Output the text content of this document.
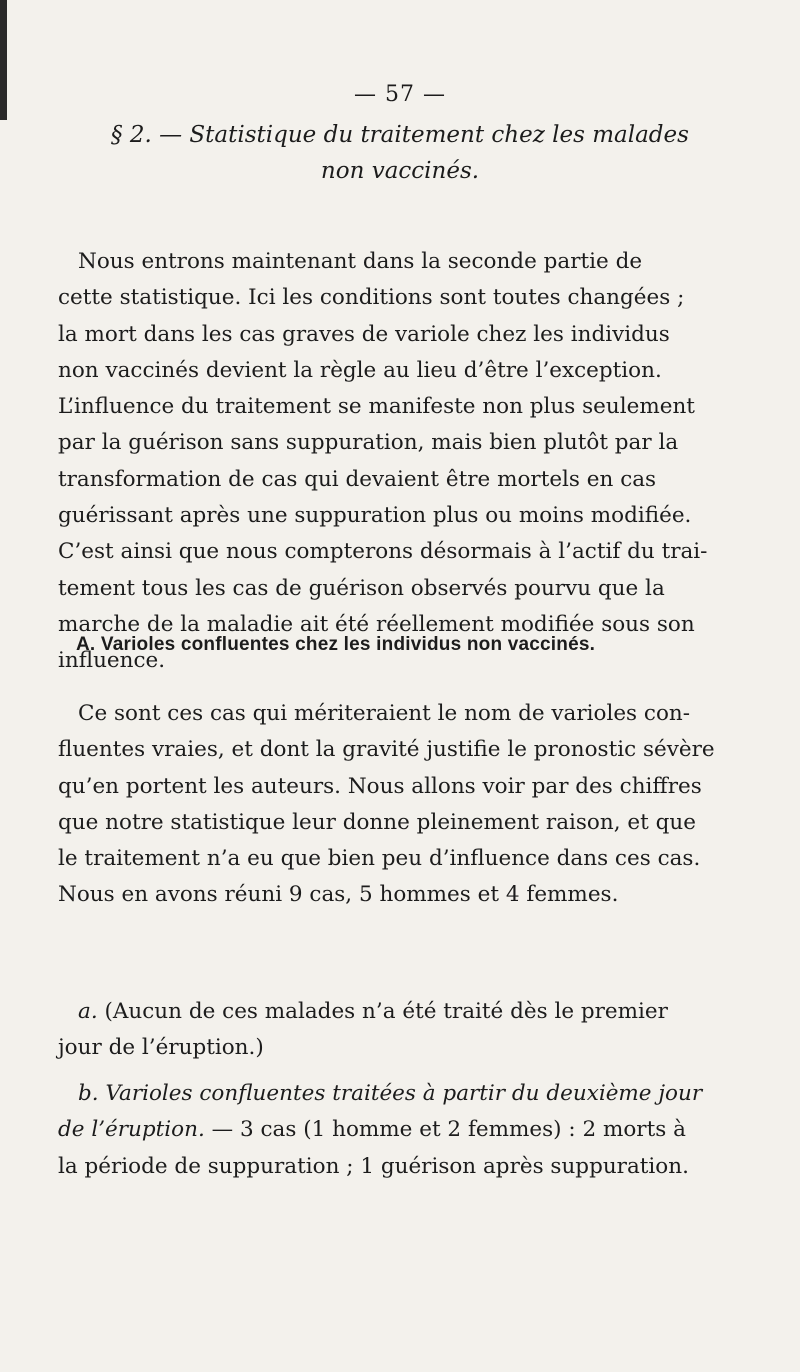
— 57 —
§ 2. — Statistique du traitement chez les malades
non vaccinés.
Nous entrons maintenant dans la seconde partie de
cette statistique. Ici les conditions sont toutes changées ;
la mort dans les cas graves de variole chez les individus
non vaccinés devient la règle au lieu d’être l’exception.
L’influence du traitement se manifeste non plus seulement
par la guérison sans suppuration, mais bien plutôt par la
transformation de cas qui devaient être mortels en cas
guérissant après une suppuration plus ou moins modifiée.
C’est ainsi que nous compterons désormais à l’actif du trai-
tement tous les cas de guérison observés pourvu que la
marche de la maladie ait été réellement modifiée sous son
influence.
A. Varioles confluentes chez les individus non vaccinés.
Ce sont ces cas qui mériteraient le nom de varioles con-
fluentes vraies, et dont la gravité justifie le pronostic sévère
qu’en portent les auteurs. Nous allons voir par des chiffres
que notre statistique leur donne pleinement raison, et que
le traitement n’a eu que bien peu d’influence dans ces cas.
Nous en avons réuni 9 cas, 5 hommes et 4 femmes.
a. (Aucun de ces malades n’a été traité dès le premier
jour de l’éruption.)
b. Varioles confluentes traitées à partir du deuxième jour
de l’éruption. — 3 cas (1 homme et 2 femmes) : 2 morts à
la période de suppuration ; 1 guérison après suppuration.
